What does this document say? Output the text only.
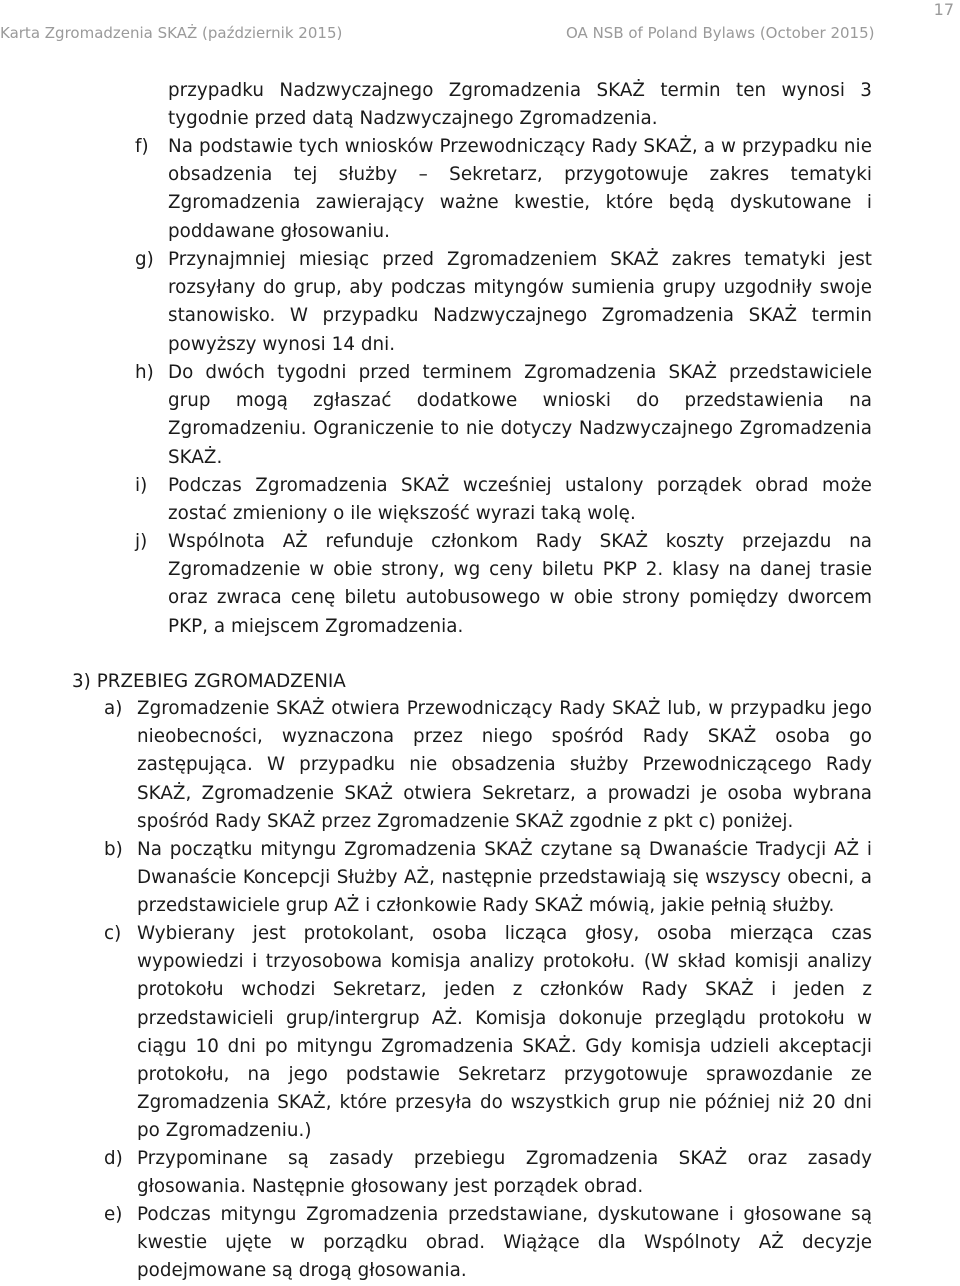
Karta Zgromadzenia SKAŻ (październik 2015)	OA NSB of Poland Bylaws (October 2015)
17
przypadku Nadzwyczajnego Zgromadzenia SKAŻ termin ten wynosi 3 tygodnie przed datą Nadzwyczajnego Zgromadzenia.
f) Na podstawie tych wniosków Przewodniczący Rady SKAŻ, a w przypadku nie obsadzenia tej służby – Sekretarz, przygotowuje zakres tematyki Zgromadzenia zawierający ważne kwestie, które będą dyskutowane i poddawane głosowaniu.
g) Przynajmniej miesiąc przed Zgromadzeniem SKAŻ zakres tematyki jest rozsyłany do grup, aby podczas mityngów sumienia grupy uzgodniły swoje stanowisko. W przypadku Nadzwyczajnego Zgromadzenia SKAŻ termin powyższy wynosi 14 dni.
h) Do dwóch tygodni przed terminem Zgromadzenia SKAŻ przedstawiciele grup mogą zgłaszać dodatkowe wnioski do przedstawienia na Zgromadzeniu. Ograniczenie to nie dotyczy Nadzwyczajnego Zgromadzenia SKAŻ.
i) Podczas Zgromadzenia SKAŻ wcześniej ustalony porządek obrad może zostać zmieniony o ile większość wyrazi taką wolę.
j) Wspólnota AŻ refunduje członkom Rady SKAŻ koszty przejazdu na Zgromadzenie w obie strony, wg ceny biletu PKP 2. klasy na danej trasie oraz zwraca cenę biletu autobusowego w obie strony pomiędzy dworcem PKP, a miejscem Zgromadzenia.
3) PRZEBIEG ZGROMADZENIA
a) Zgromadzenie SKAŻ otwiera Przewodniczący Rady SKAŻ lub, w przypadku jego nieobecności, wyznaczona przez niego spośród Rady SKAŻ osoba go zastępująca. W przypadku nie obsadzenia służby Przewodniczącego Rady SKAŻ, Zgromadzenie SKAŻ otwiera Sekretarz, a prowadzi je osoba wybrana spośród Rady SKAŻ przez Zgromadzenie SKAŻ zgodnie z pkt c) poniżej.
b) Na początku mityngu Zgromadzenia SKAŻ czytane są Dwanaście Tradycji AŻ i Dwanaście Koncepcji Służby AŻ, następnie przedstawiają się wszyscy obecni, a przedstawiciele grup AŻ i członkowie Rady SKAŻ mówią, jakie pełnią służby.
c) Wybierany jest protokolant, osoba licząca głosy, osoba mierząca czas wypowiedzi i trzyosobowa komisja analizy protokołu. (W skład komisji analizy protokołu wchodzi Sekretarz, jeden z członków Rady SKAŻ i jeden z przedstawicieli grup/intergrup AŻ. Komisja dokonuje przeglądu protokołu w ciągu 10 dni po mityngu Zgromadzenia SKAŻ. Gdy komisja udzieli akceptacji protokołu, na jego podstawie Sekretarz przygotowuje sprawozdanie ze Zgromadzenia SKAŻ, które przesyła do wszystkich grup nie później niż 20 dni po Zgromadzeniu.)
d) Przypominane są zasady przebiegu Zgromadzenia SKAŻ oraz zasady głosowania. Następnie głosowany jest porządek obrad.
e) Podczas mityngu Zgromadzenia przedstawiane, dyskutowane i głosowane są kwestie ujęte w porządku obrad. Wiążące dla Wspólnoty AŻ decyzje podejmowane są drogą głosowania.
